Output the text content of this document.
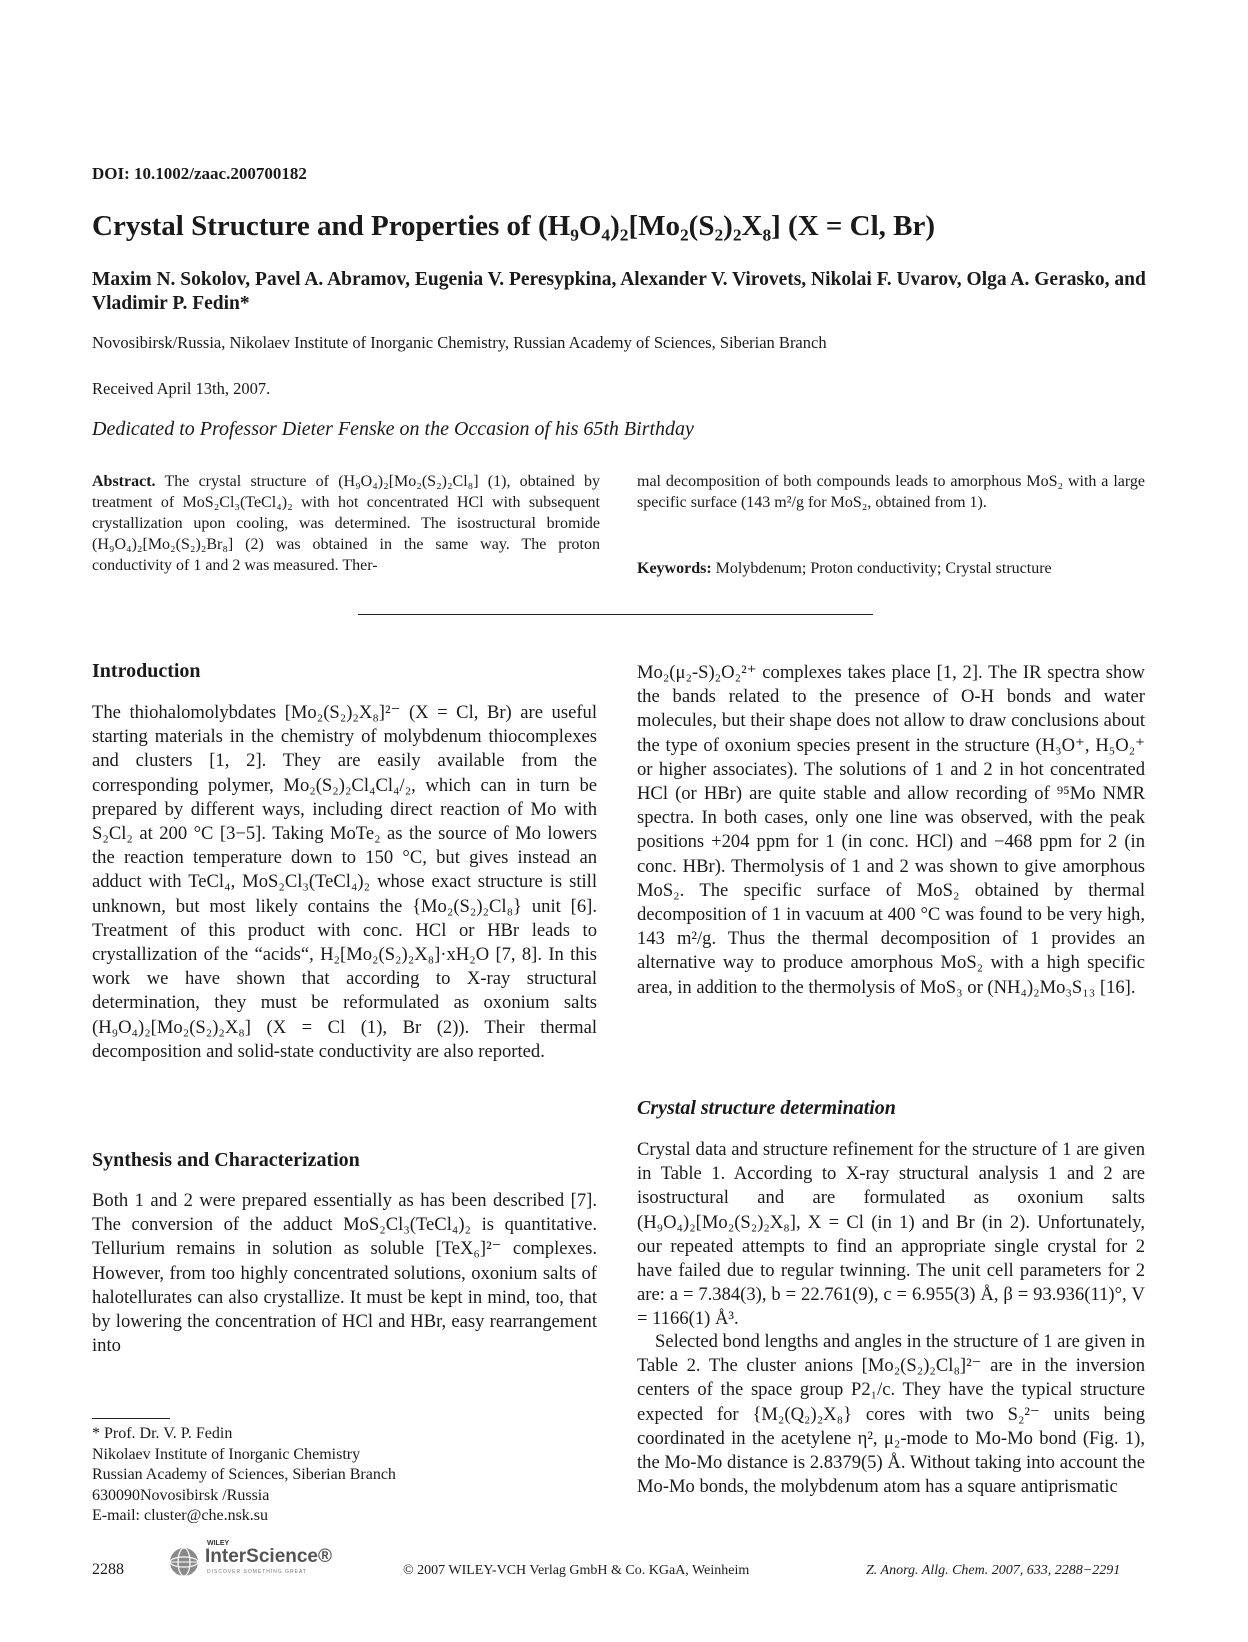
DOI: 10.1002/zaac.200700182
Crystal Structure and Properties of (H₉O₄)₂[Mo₂(S₂)₂X₈] (X = Cl, Br)
Maxim N. Sokolov, Pavel A. Abramov, Eugenia V. Peresypkina, Alexander V. Virovets, Nikolai F. Uvarov, Olga A. Gerasko, and Vladimir P. Fedin*
Novosibirsk/Russia, Nikolaev Institute of Inorganic Chemistry, Russian Academy of Sciences, Siberian Branch
Received April 13th, 2007.
Dedicated to Professor Dieter Fenske on the Occasion of his 65th Birthday
Abstract. The crystal structure of (H₉O₄)₂[Mo₂(S₂)₂Cl₈] (1), obtained by treatment of MoS₂Cl₃(TeCl₄)₂ with hot concentrated HCl with subsequent crystallization upon cooling, was determined. The isostructural bromide (H₉O₄)₂[Mo₂(S₂)₂Br₈] (2) was obtained in the same way. The proton conductivity of 1 and 2 was measured. Ther-
mal decomposition of both compounds leads to amorphous MoS₂ with a large specific surface (143 m²/g for MoS₂, obtained from 1).
Keywords: Molybdenum; Proton conductivity; Crystal structure
Introduction
The thiohalomolybdates [Mo₂(S₂)₂X₈]²⁻ (X = Cl, Br) are useful starting materials in the chemistry of molybdenum thiocomplexes and clusters [1, 2]. They are easily available from the corresponding polymer, Mo₂(S₂)₂Cl₄Cl₄/₂, which can in turn be prepared by different ways, including direct reaction of Mo with S₂Cl₂ at 200 °C [3−5]. Taking MoTe₂ as the source of Mo lowers the reaction temperature down to 150 °C, but gives instead an adduct with TeCl₄, MoS₂Cl₃(TeCl₄)₂ whose exact structure is still unknown, but most likely contains the {Mo₂(S₂)₂Cl₈} unit [6]. Treatment of this product with conc. HCl or HBr leads to crystallization of the “acids“, H₂[Mo₂(S₂)₂X₈]·xH₂O [7, 8]. In this work we have shown that according to X-ray structural determination, they must be reformulated as oxonium salts (H₉O₄)₂[Mo₂(S₂)₂X₈] (X = Cl (1), Br (2)). Their thermal decomposition and solid-state conductivity are also reported.
Synthesis and Characterization
Both 1 and 2 were prepared essentially as has been described [7]. The conversion of the adduct MoS₂Cl₃(TeCl₄)₂ is quantitative. Tellurium remains in solution as soluble [TeX₆]²⁻ complexes. However, from too highly concentrated solutions, oxonium salts of halotellurates can also crystallize. It must be kept in mind, too, that by lowering the concentration of HCl and HBr, easy rearrangement into
* Prof. Dr. V. P. Fedin
Nikolaev Institute of Inorganic Chemistry
Russian Academy of Sciences, Siberian Branch
630090Novosibirsk /Russia
E-mail: cluster@che.nsk.su
Mo₂(μ₂-S)₂O₂²⁺ complexes takes place [1, 2]. The IR spectra show the bands related to the presence of O-H bonds and water molecules, but their shape does not allow to draw conclusions about the type of oxonium species present in the structure (H₃O⁺, H₅O₂⁺ or higher associates). The solutions of 1 and 2 in hot concentrated HCl (or HBr) are quite stable and allow recording of ⁹⁵Mo NMR spectra. In both cases, only one line was observed, with the peak positions +204 ppm for 1 (in conc. HCl) and −468 ppm for 2 (in conc. HBr). Thermolysis of 1 and 2 was shown to give amorphous MoS₂. The specific surface of MoS₂ obtained by thermal decomposition of 1 in vacuum at 400 °C was found to be very high, 143 m²/g. Thus the thermal decomposition of 1 provides an alternative way to produce amorphous MoS₂ with a high specific area, in addition to the thermolysis of MoS₃ or (NH₄)₂Mo₃S₁₃ [16].
Crystal structure determination
Crystal data and structure refinement for the structure of 1 are given in Table 1. According to X-ray structural analysis 1 and 2 are isostructural and are formulated as oxonium salts (H₉O₄)₂[Mo₂(S₂)₂X₈], X = Cl (in 1) and Br (in 2). Unfortunately, our repeated attempts to find an appropriate single crystal for 2 have failed due to regular twinning. The unit cell parameters for 2 are: a = 7.384(3), b = 22.761(9), c = 6.955(3) Å, β = 93.936(11)°, V = 1166(1) Å³.
Selected bond lengths and angles in the structure of 1 are given in Table 2. The cluster anions [Mo₂(S₂)₂Cl₈]²⁻ are in the inversion centers of the space group P2₁/c. They have the typical structure expected for {M₂(Q₂)₂X₈} cores with two S₂²⁻ units being coordinated in the acetylene η², μ₂-mode to Mo-Mo bond (Fig. 1), the Mo-Mo distance is 2.8379(5) Å. Without taking into account the Mo-Mo bonds, the molybdenum atom has a square antiprismatic
2288
WILEY
InterScience®
DISCOVER SOMETHING GREAT	© 2007 WILEY-VCH Verlag GmbH & Co. KGaA, Weinheim	Z. Anorg. Allg. Chem. 2007, 633, 2288−2291
